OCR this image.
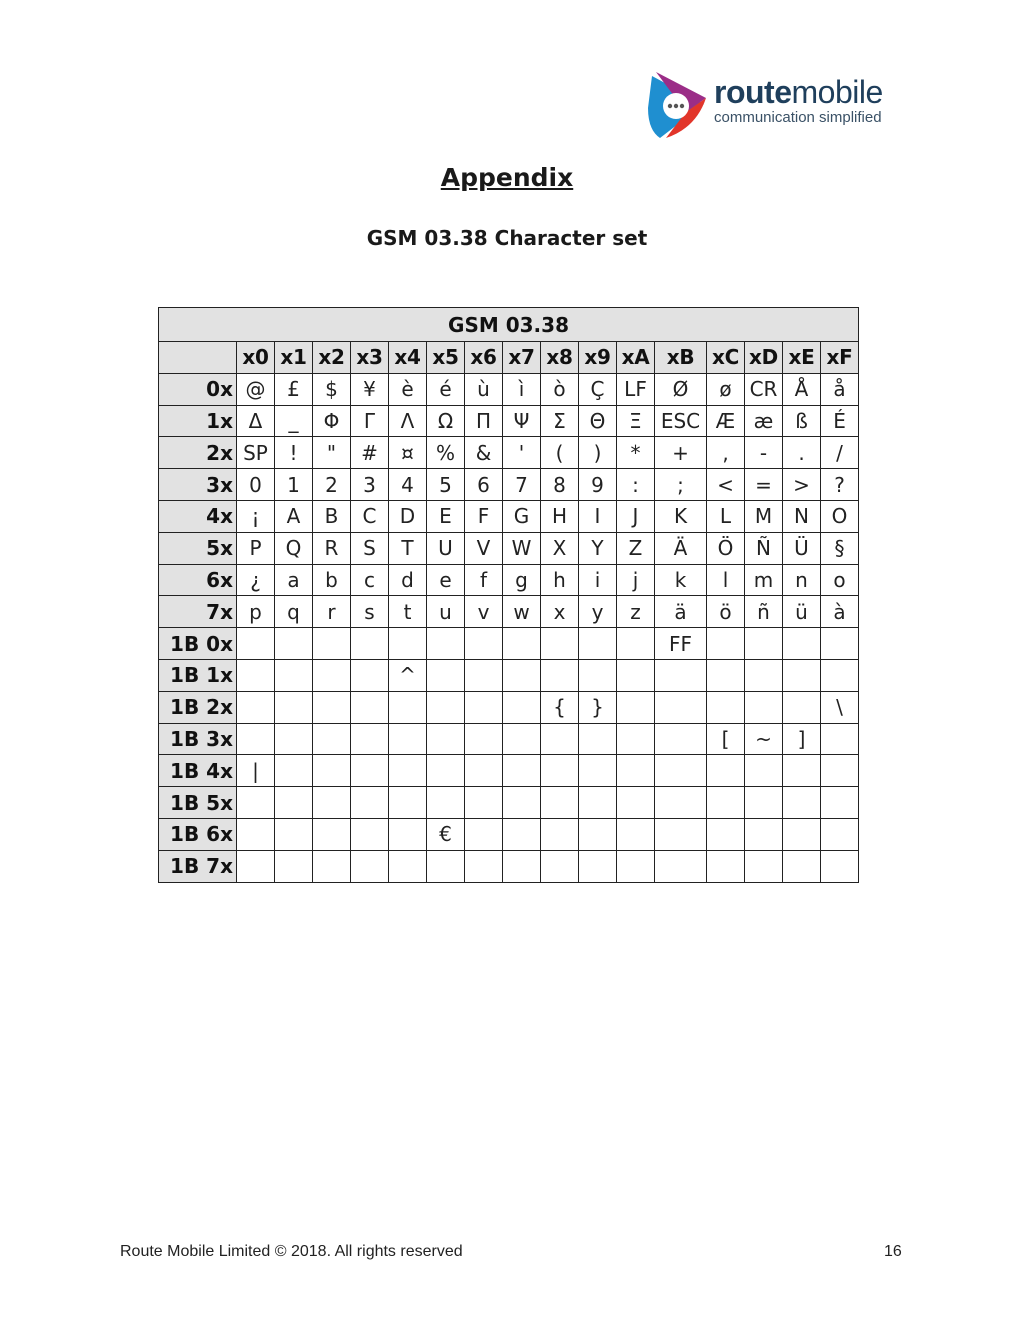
routemobile
communication simplified
Appendix
GSM 03.38 Character set
GSM 03.38																
	x0	x1	x2	x3	x4	x5	x6	x7	x8	x9	xA	xB	xC	xD	xE	xF
0x	@	£	$	¥	è	é	ù	ì	ò	Ç	LF	Ø	ø	CR	Å	å
1x	Δ	_	Φ	Γ	Λ	Ω	Π	Ψ	Σ	Θ	Ξ	ESC	Æ	æ	ß	É
2x	SP	!	"	#	¤	%	&	'	(	)	*	+	,	-	.	/
3x	0	1	2	3	4	5	6	7	8	9	:	;	<	=	>	?
4x	¡	A	B	C	D	E	F	G	H	I	J	K	L	M	N	O
5x	P	Q	R	S	T	U	V	W	X	Y	Z	Ä	Ö	Ñ	Ü	§
6x	¿	a	b	c	d	e	f	g	h	i	j	k	l	m	n	o
7x	p	q	r	s	t	u	v	w	x	y	z	ä	ö	ñ	ü	à
1B 0x												FF				
1B 1x					^											
1B 2x									{	}						\
1B 3x													[	~	]	
1B 4x	|															
1B 5x																
1B 6x						€										
1B 7x																
Route Mobile Limited © 2018. All rights reserved	16
